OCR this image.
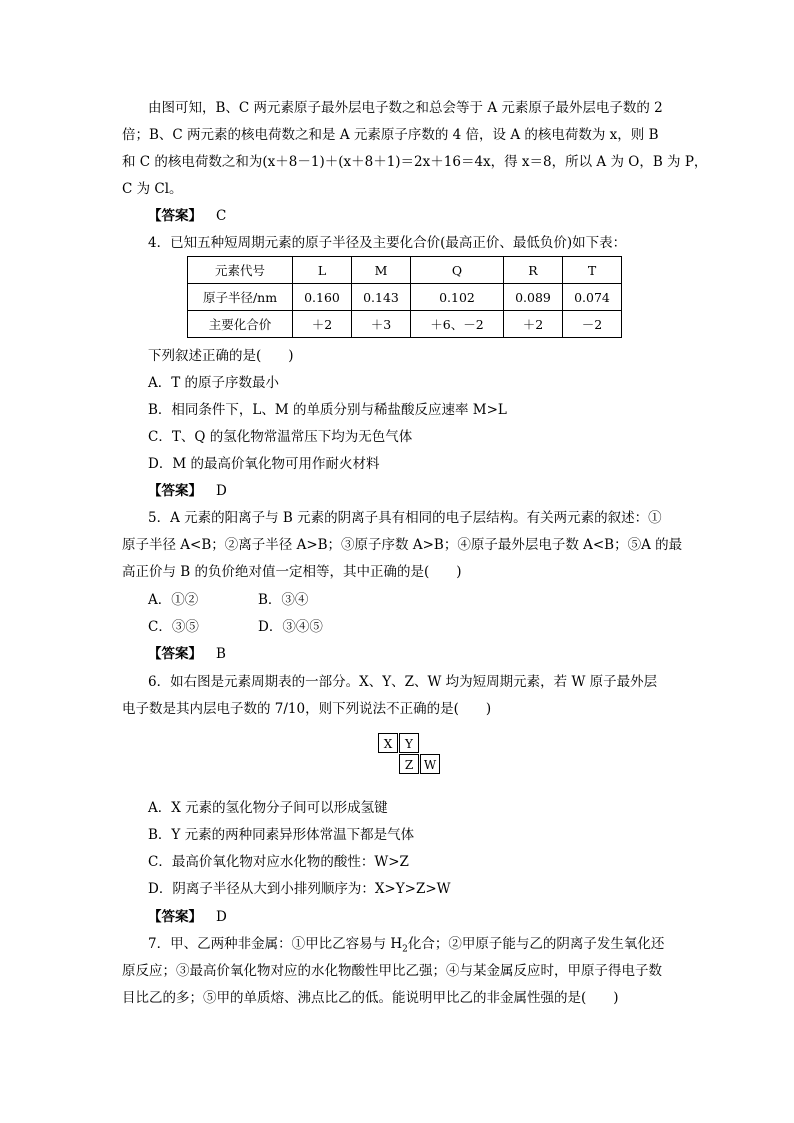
由图可知，B、C 两元素原子最外层电子数之和总会等于 A 元素原子最外层电子数的 2
倍；B、C 两元素的核电荷数之和是 A 元素原子序数的 4 倍，设 A 的核电荷数为 x，则 B
和 C 的核电荷数之和为(x＋8－1)＋(x＋8＋1)＝2x＋16＝4x，得 x＝8，所以 A 为 O，B 为 P，
C 为 Cl。
【答案】 C
4．已知五种短周期元素的原子半径及主要化合价(最高正价、最低负价)如下表：
元素代号	L	M	Q	R	T
原子半径/nm	0.160	0.143	0.102	0.089	0.074
主要化合价	＋2	＋3	＋6、－2	＋2	－2
下列叙述正确的是(　　)
A．T 的原子序数最小
B．相同条件下，L、M 的单质分别与稀盐酸反应速率 M>L
C．T、Q 的氢化物常温常压下均为无色气体
D．M 的最高价氧化物可用作耐火材料
【答案】 D
5．A 元素的阳离子与 B 元素的阴离子具有相同的电子层结构。有关两元素的叙述：①
原子半径 A<B；②离子半径 A>B；③原子序数 A>B；④原子最外层电子数 A<B；⑤A 的最
高正价与 B 的负价绝对值一定相等，其中正确的是(　　)
A．①②	B．③④
C．③⑤	D．③④⑤
【答案】 B
6．如右图是元素周期表的一部分。X、Y、Z、W 均为短周期元素，若 W 原子最外层
电子数是其内层电子数的 7/10，则下列说法不正确的是(　　)
X	Y
Z W
A．X 元素的氢化物分子间可以形成氢键
B．Y 元素的两种同素异形体常温下都是气体
C．最高价氧化物对应水化物的酸性：W>Z
D．阴离子半径从大到小排列顺序为：X>Y>Z>W
【答案】 D
7．甲、乙两种非金属：①甲比乙容易与 $H_2$化合；②甲原子能与乙的阴离子发生氧化还
原反应；③最高价氧化物对应的水化物酸性甲比乙强；④与某金属反应时，甲原子得电子数
目比乙的多；⑤甲的单质熔、沸点比乙的低。能说明甲比乙的非金属性强的是(　　)
